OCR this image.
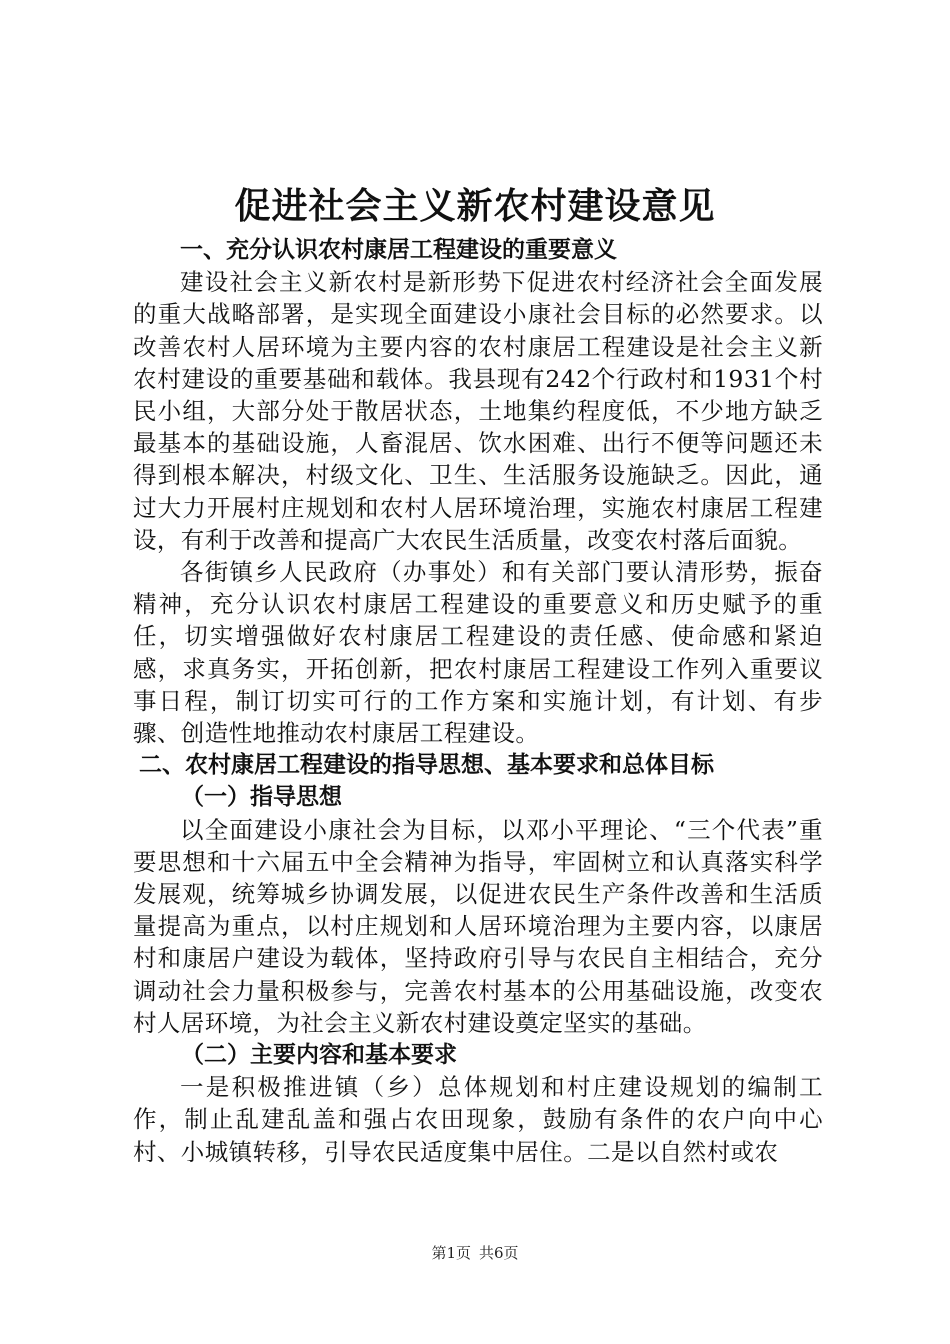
促进社会主义新农村建设意见
一、充分认识农村康居工程建设的重要意义

建设社会主义新农村是新形势下促进农村经济社会全面发展的重大战略部署，是实现全面建设小康社会目标的必然要求。以改善农村人居环境为主要内容的农村康居工程建设是社会主义新农村建设的重要基础和载体。我县现有242个行政村和1931个村民小组，大部分处于散居状态，土地集约程度低，不少地方缺乏最基本的基础设施，人畜混居、饮水困难、出行不便等问题还未得到根本解决，村级文化、卫生、生活服务设施缺乏。因此，通过大力开展村庄规划和农村人居环境治理，实施农村康居工程建设，有利于改善和提高广大农民生活质量，改变农村落后面貌。

各街镇乡人民政府（办事处）和有关部门要认清形势，振奋精神，充分认识农村康居工程建设的重要意义和历史赋予的重任，切实增强做好农村康居工程建设的责任感、使命感和紧迫感，求真务实，开拓创新，把农村康居工程建设工作列入重要议事日程，制订切实可行的工作方案和实施计划，有计划、有步骤、创造性地推动农村康居工程建设。

二、农村康居工程建设的指导思想、基本要求和总体目标
（一）指导思想

以全面建设小康社会为目标，以邓小平理论、“三个代表”重要思想和十六届五中全会精神为指导，牢固树立和认真落实科学发展观，统筹城乡协调发展，以促进农民生产条件改善和生活质量提高为重点，以村庄规划和人居环境治理为主要内容，以康居村和康居户建设为载体，坚持政府引导与农民自主相结合，充分调动社会力量积极参与，完善农村基本的公用基础设施，改变农村人居环境，为社会主义新农村建设奠定坚实的基础。

（二）主要内容和基本要求

一是积极推进镇（乡）总体规划和村庄建设规划的编制工作，制止乱建乱盖和强占农田现象，鼓励有条件的农户向中心村、小城镇转移，引导农民适度集中居住。二是以自然村或农

第1页 共6页
